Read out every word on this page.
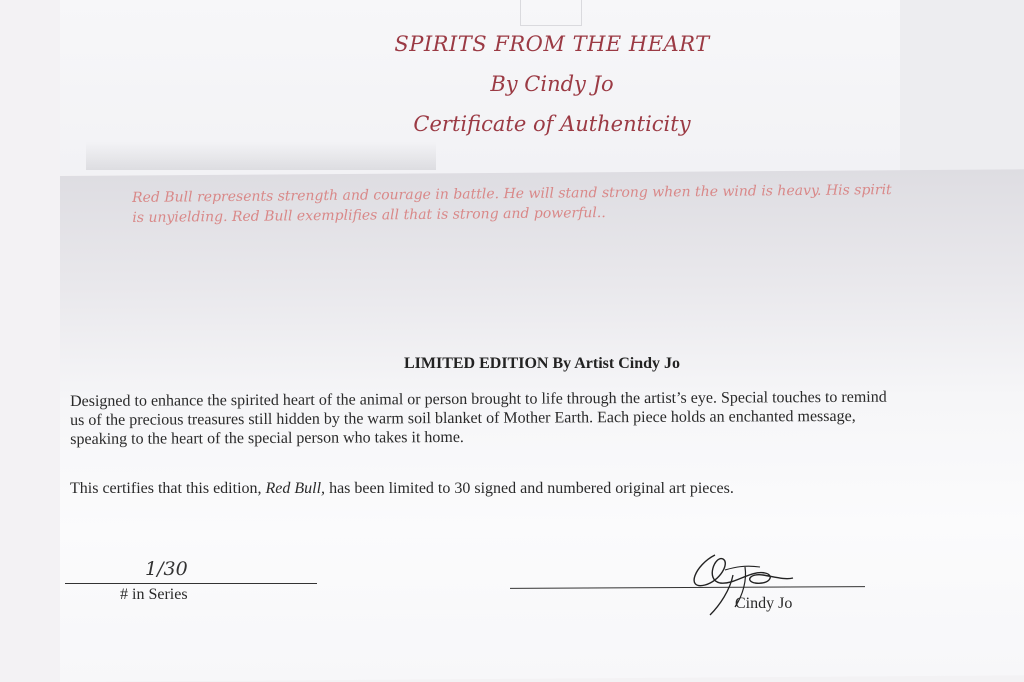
SPIRITS FROM THE HEART
By Cindy Jo
Certificate of Authenticity
Red Bull represents strength and courage in battle. He will stand strong when the wind is heavy. His spirit
is unyielding. Red Bull exemplifies all that is strong and powerful..
LIMITED EDITION By Artist Cindy Jo
Designed to enhance the spirited heart of the animal or person brought to life through the artist’s eye. Special touches to remind
us of the precious treasures still hidden by the warm soil blanket of Mother Earth. Each piece holds an enchanted message,
speaking to the heart of the special person who takes it home.
This certifies that this edition, Red Bull, has been limited to 30 signed and numbered original art pieces.
1/30
# in Series
Cindy Jo
